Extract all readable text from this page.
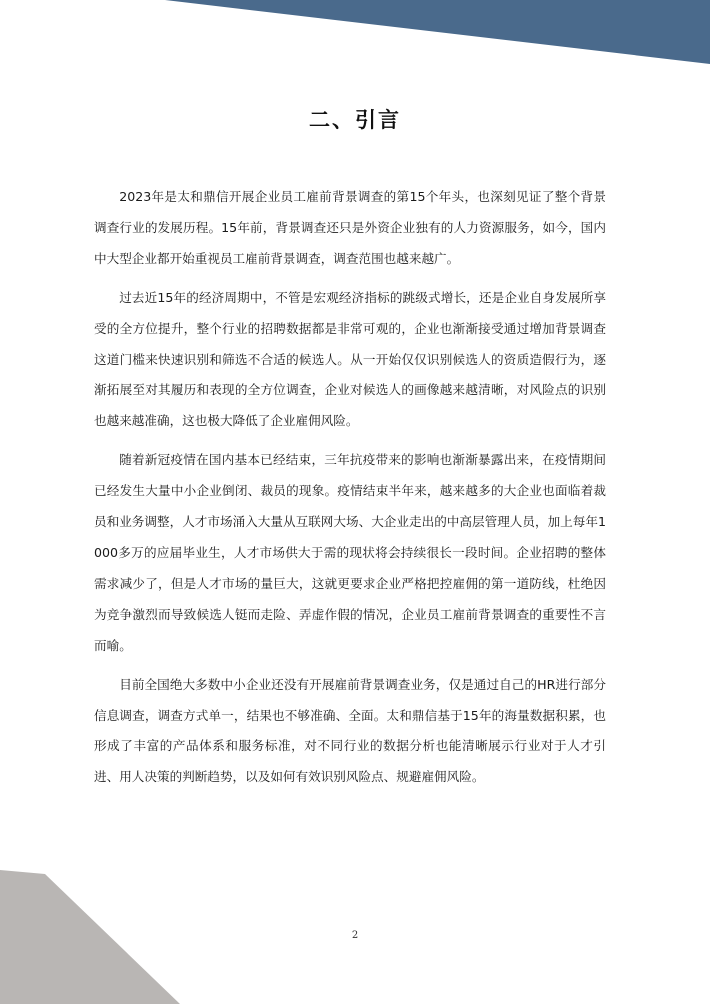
二、引言

2023年是太和鼎信开展企业员工雇前背景调查的第15个年头，也深刻见证了整个背景调查行业的发展历程。15年前，背景调查还只是外资企业独有的人力资源服务，如今，国内中大型企业都开始重视员工雇前背景调查，调查范围也越来越广。

过去近15年的经济周期中，不管是宏观经济指标的跳级式增长，还是企业自身发展所享受的全方位提升，整个行业的招聘数据都是非常可观的，企业也渐渐接受通过增加背景调查这道门槛来快速识别和筛选不合适的候选人。从一开始仅仅识别候选人的资质造假行为，逐渐拓展至对其履历和表现的全方位调查，企业对候选人的画像越来越清晰，对风险点的识别也越来越准确，这也极大降低了企业雇佣风险。

随着新冠疫情在国内基本已经结束，三年抗疫带来的影响也渐渐暴露出来，在疫情期间已经发生大量中小企业倒闭、裁员的现象。疫情结束半年来，越来越多的大企业也面临着裁员和业务调整，人才市场涌入大量从互联网大场、大企业走出的中高层管理人员，加上每年1000多万的应届毕业生，人才市场供大于需的现状将会持续很长一段时间。企业招聘的整体需求减少了，但是人才市场的量巨大，这就更要求企业严格把控雇佣的第一道防线，杜绝因为竞争激烈而导致候选人铤而走险、弄虚作假的情况，企业员工雇前背景调查的重要性不言而喻。

目前全国绝大多数中小企业还没有开展雇前背景调查业务，仅是通过自己的HR进行部分信息调查，调查方式单一，结果也不够准确、全面。太和鼎信基于15年的海量数据积累，也形成了丰富的产品体系和服务标准，对不同行业的数据分析也能清晰展示行业对于人才引进、用人决策的判断趋势，以及如何有效识别风险点、规避雇佣风险。

2
